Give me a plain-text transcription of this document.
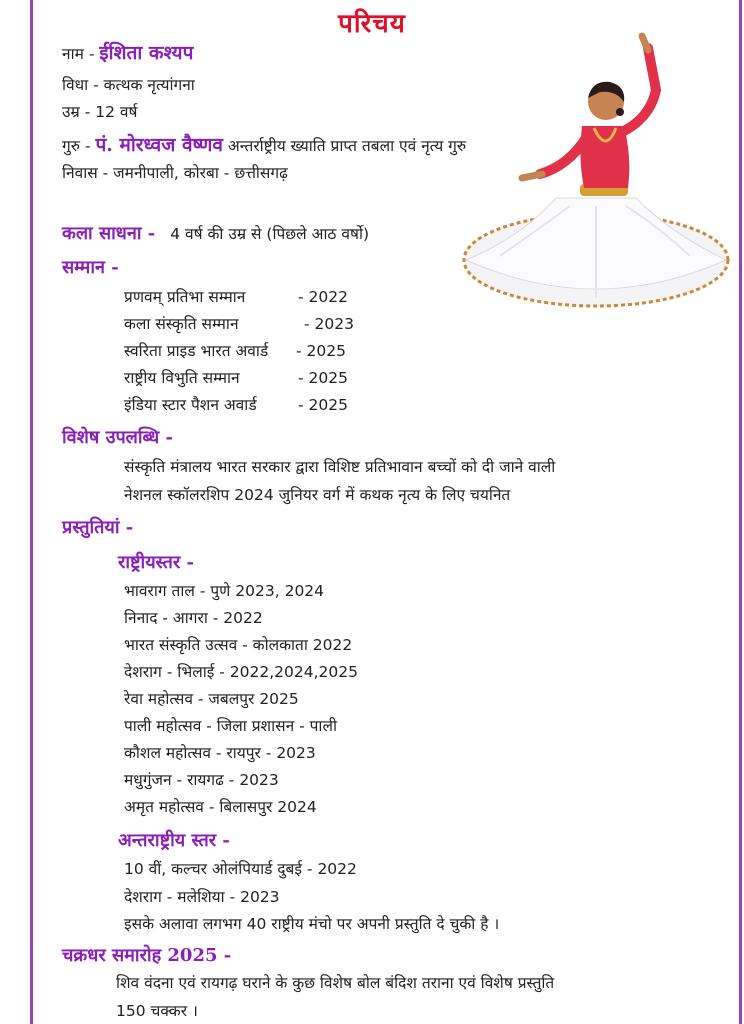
परिचय
नाम - ईशिता कश्यप
विधा - कत्थक नृत्यांगना
उम्र - 12 वर्ष
गुरु - पं. मोरध्वज वैष्णव अन्तर्राष्ट्रीय ख्याति प्राप्त तबला एवं नृत्य गुरु
निवास - जमनीपाली, कोरबा - छत्तीसगढ़
कला साधना - 4 वर्ष की उम्र से (पिछले आठ वर्षो)
सम्मान -
प्रणवम् प्रतिभा सम्मान	- 2022
कला संस्कृति सम्मान	- 2023
स्वरिता प्राइड भारत अवार्ड - 2025
राष्ट्रीय विभुति सम्मान	- 2025
इंडिया स्टार पैशन अवार्ड	- 2025
विशेष उपलब्धि -
संस्कृति मंत्रालय भारत सरकार द्वारा विशिष्ट प्रतिभावान बच्चों को दी जाने वाली
नेशनल स्कॉलरशिप 2024 जुनियर वर्ग में कथक नृत्य के लिए चयनित
प्रस्तुतियां -
राष्ट्रीयस्तर -
भावराग ताल - पुणे 2023, 2024
निनाद - आगरा - 2022
भारत संस्कृति उत्सव - कोलकाता 2022
देशराग - भिलाई - 2022,2024,2025
रेवा महोत्सव - जबलपुर 2025
पाली महोत्सव - जिला प्रशासन - पाली
कौशल महोत्सव - रायपुर - 2023
मधुगुंजन - रायगढ - 2023
अमृत महोत्सव - बिलासपुर 2024
अन्तराष्ट्रीय स्तर -
10 वीं, कल्चर ओलंपियार्ड दुबई - 2022
देशराग - मलेशिया - 2023
इसके अलावा लगभग 40 राष्ट्रीय मंचो पर अपनी प्रस्तुति दे चुकी है ।
चक्रधर समारोह 2025 -
शिव वंदना एवं रायगढ़ घराने के कुछ विशेष बोल बंदिश तराना एवं विशेष प्रस्तुति
150 चक्कर ।
